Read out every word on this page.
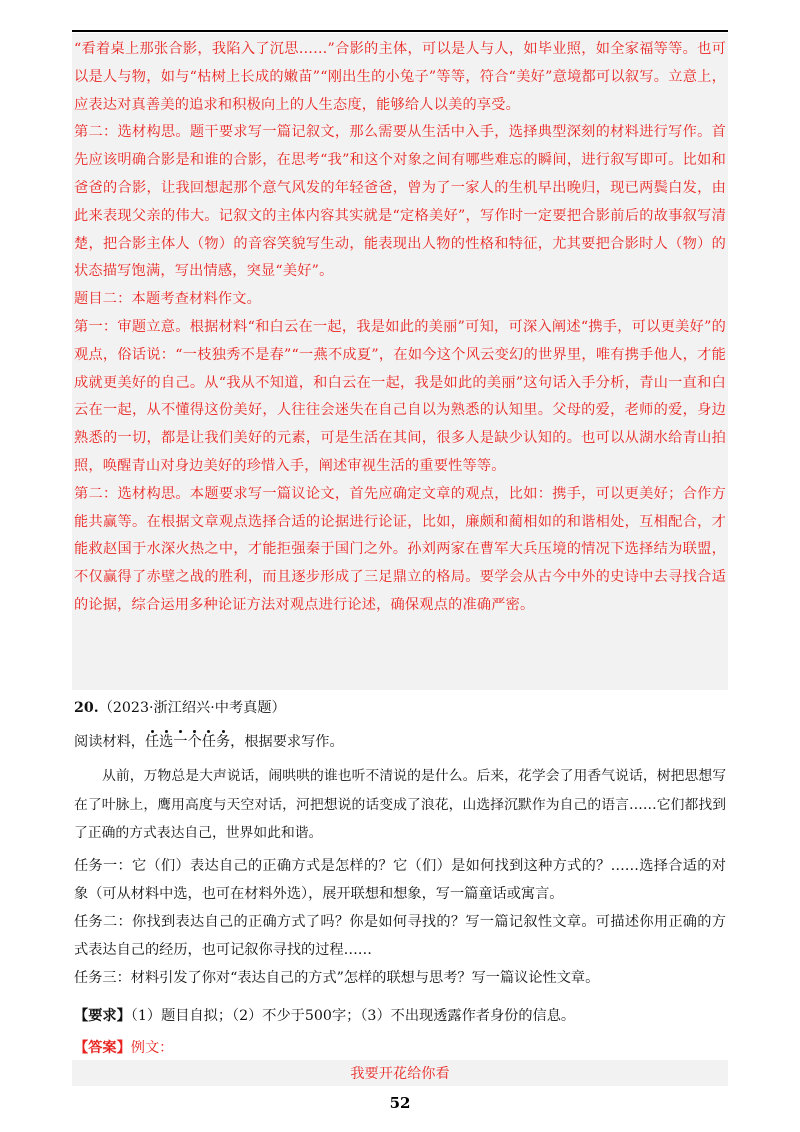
“看着桌上那张合影，我陷入了沉思……”合影的主体，可以是人与人，如毕业照，如全家福等等。也可以是人与物，如与“枯树上长成的嫩苗”“刚出生的小兔子”等等，符合“美好”意境都可以叙写。立意上，应表达对真善美的追求和积极向上的人生态度，能够给人以美的享受。

第二：选材构思。题干要求写一篇记叙文，那么需要从生活中入手，选择典型深刻的材料进行写作。首先应该明确合影是和谁的合影，在思考“我”和这个对象之间有哪些难忘的瞬间，进行叙写即可。比如和爸爸的合影，让我回想起那个意气风发的年轻爸爸，曾为了一家人的生机早出晚归，现已两鬓白发，由此来表现父亲的伟大。记叙文的主体内容其实就是“定格美好”，写作时一定要把合影前后的故事叙写清楚，把合影主体人（物）的音容笑貌写生动，能表现出人物的性格和特征，尤其要把合影时人（物）的状态描写饱满，写出情感，突显“美好”。

题目二：本题考查材料作文。

第一：审题立意。根据材料“和白云在一起，我是如此的美丽”可知，可深入阐述“携手，可以更美好”的观点，俗话说：“一枝独秀不是春”“一燕不成夏”，在如今这个风云变幻的世界里，唯有携手他人，才能成就更美好的自己。从“我从不知道，和白云在一起，我是如此的美丽”这句话入手分析，青山一直和白云在一起，从不懂得这份美好，人往往会迷失在自己自以为熟悉的认知里。父母的爱，老师的爱，身边熟悉的一切，都是让我们美好的元素，可是生活在其间，很多人是缺少认知的。也可以从湖水给青山拍照，唤醒青山对身边美好的珍惜入手，阐述审视生活的重要性等等。

第二：选材构思。本题要求写一篇议论文，首先应确定文章的观点，比如：携手，可以更美好；合作方能共赢等。在根据文章观点选择合适的论据进行论证，比如，廉颇和蔺相如的和谐相处，互相配合，才能救赵国于水深火热之中，才能拒强秦于国门之外。孙刘两家在曹军大兵压境的情况下选择结为联盟，不仅赢得了赤壁之战的胜利，而且逐步形成了三足鼎立的格局。要学会从古今中外的史诗中去寻找合适的论据，综合运用多种论证方法对观点进行论述，确保观点的准确严密。

20.（2023·浙江绍兴·中考真题）
阅读材料，任选一个任务，根据要求写作。

从前，万物总是大声说话，闹哄哄的谁也听不清说的是什么。后来，花学会了用香气说话，树把思想写在了叶脉上，鹰用高度与天空对话，河把想说的话变成了浪花，山选择沉默作为自己的语言……它们都找到了正确的方式表达自己，世界如此和谐。

任务一：它（们）表达自己的正确方式是怎样的？它（们）是如何找到这种方式的？……选择合适的对象（可从材料中选，也可在材料外选），展开联想和想象，写一篇童话或寓言。

任务二：你找到表达自己的正确方式了吗？你是如何寻找的？写一篇记叙性文章。可描述你用正确的方式表达自己的经历，也可记叙你寻找的过程……

任务三：材料引发了你对“表达自己的方式”怎样的联想与思考？写一篇议论性文章。

【要求】（1）题目自拟；（2）不少于500字；（3）不出现透露作者身份的信息。
【答案】例文：
我要开花给你看
52
